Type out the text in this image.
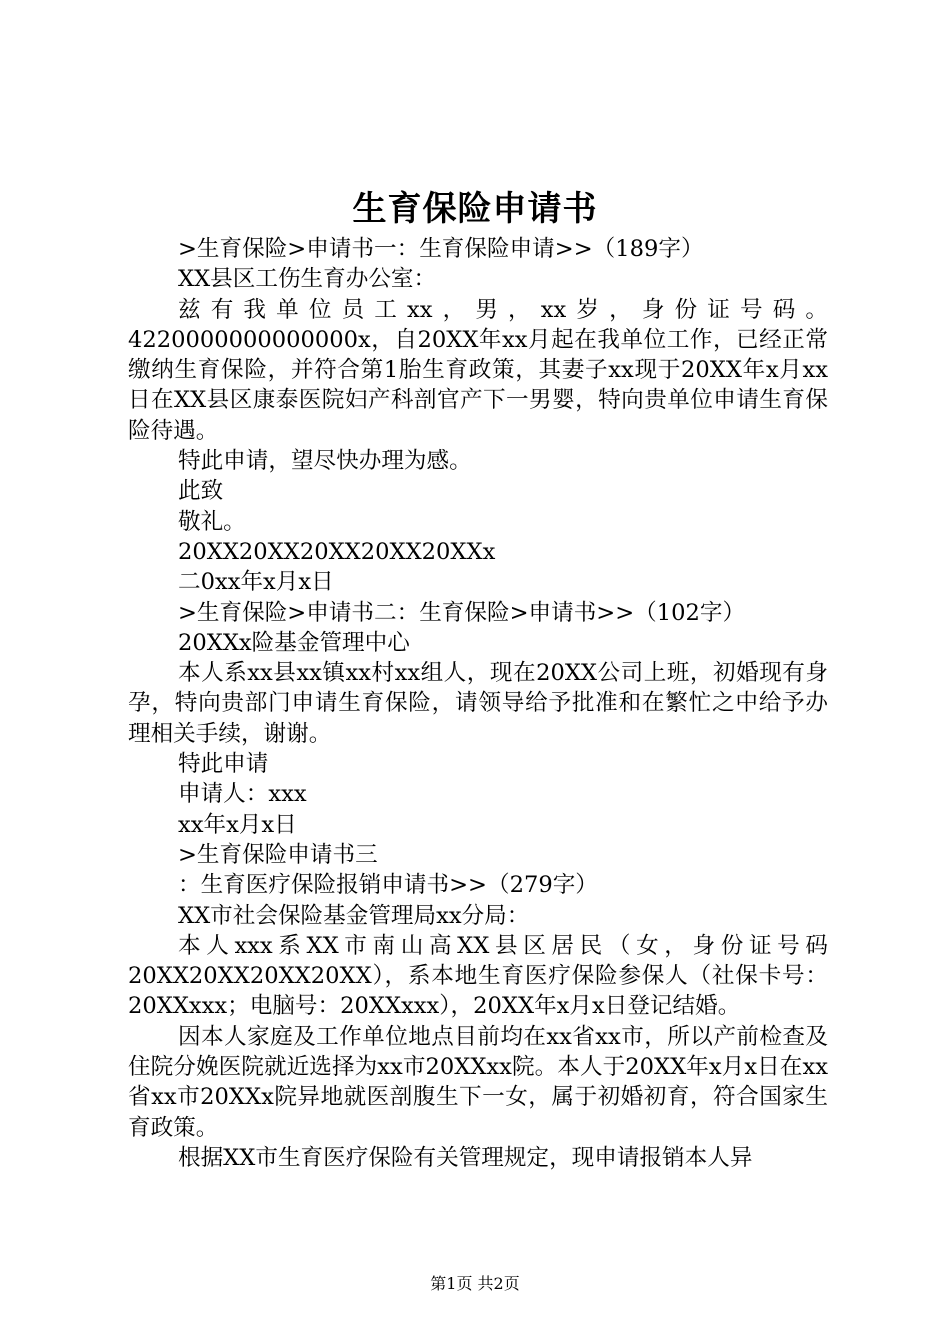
生育保险申请书

>生育保险>申请书一：生育保险申请>>（189字）

XX县区工伤生育办公室：

兹有我单位员工xx，男，xx岁，身份证号码。

4220000000000000x，自20XX年xx月起在我单位工作，已经正常缴纳生育保险，并符合第1胎生育政策，其妻子xx现于20XX年x月xx日在XX县区康泰医院妇产科剖官产下一男婴，特向贵单位申请生育保险待遇。

特此申请，望尽快办理为感。

此致

敬礼。

20XX20XX20XX20XX20XXx

二0xx年x月x日

>生育保险>申请书二：生育保险>申请书>>（102字）

20XXx险基金管理中心

本人系xx县xx镇xx村xx组人，现在20XX公司上班，初婚现有身孕，特向贵部门申请生育保险，请领导给予批准和在繁忙之中给予办理相关手续，谢谢。

特此申请

申请人：xxx

xx年x月x日

>生育保险申请书三

：生育医疗保险报销申请书>>（279字）

XX市社会保险基金管理局xx分局：

本人xxx系XX市南山高XX县区居民（女，身份证号码20XX20XX20XX20XX），系本地生育医疗保险参保人（社保卡号：20XXxxx；电脑号：20XXxxx），20XX年x月x日登记结婚。

因本人家庭及工作单位地点目前均在xx省xx市，所以产前检查及住院分娩医院就近选择为xx市20XXxx院。本人于20XX年x月x日在xx省xx市20XXx院异地就医剖腹生下一女，属于初婚初育，符合国家生育政策。

根据XX市生育医疗保险有关管理规定，现申请报销本人异

第1页 共2页
